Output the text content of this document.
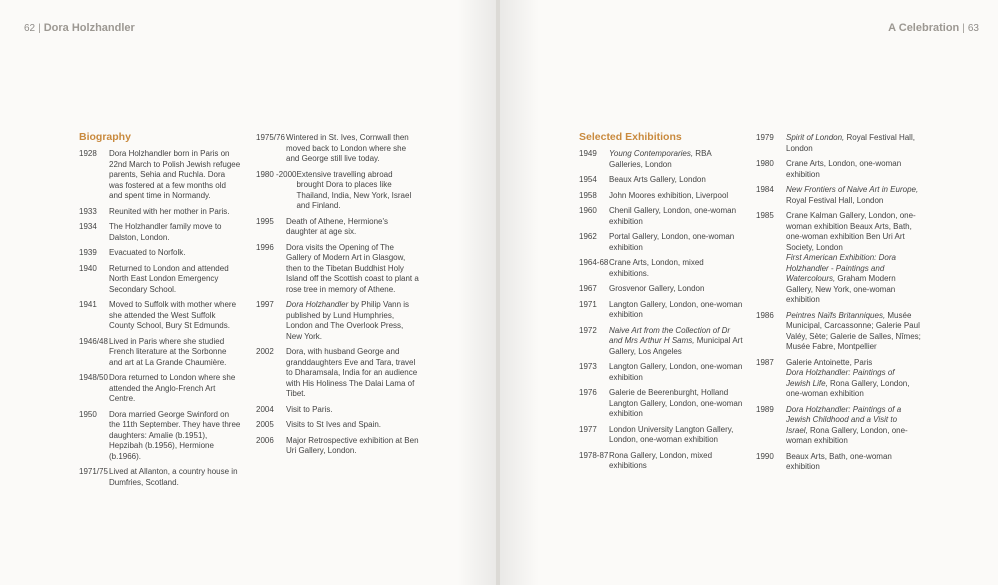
62 | Dora Holzhandler	A Celebration | 63
Biography	Selected Exhibitions
1928	Dora Holzhandler born in Paris on 22nd March to Polish Jewish refugee parents, Sehia and Ruchla. Dora was fostered at a few months old and spent time in Normandy.
1933	Reunited with her mother in Paris.
1934	The Holzhandler family move to Dalston, London.
1939	Evacuated to Norfolk.
1940	Returned to London and attended North East London Emergency Secondary School.
1941	Moved to Suffolk with mother where she attended the West Suffolk County School, Bury St Edmunds.
1946/48 Lived in Paris where she studied French literature at the Sorbonne and art at La Grande Chaumière.
1948/50 Dora returned to London where she attended the Anglo-French Art Centre.
1950	Dora married George Swinford on the 11th September. They have three daughters: Amalie (b.1951), Hepzibah (b.1956), Hermione (b.1966).
1971/75 Lived at Allanton, a country house in Dumfries, Scotland.
1975/76 Wintered in St. Ives, Cornwall then moved back to London where she and George still live today.
1980 -2000 Extensive travelling abroad brought Dora to places like Thailand, India, New York, Israel and Finland.
1995	Death of Athene, Hermione's daughter at age six.
1996	Dora visits the Opening of The Gallery of Modern Art in Glasgow, then to the Tibetan Buddhist Holy Island off the Scottish coast to plant a rose tree in memory of Athene.
1997	Dora Holzhandler by Philip Vann is published by Lund Humphries, London and The Overlook Press, New York.
2002	Dora, with husband George and granddaughters Eve and Tara, travel to Dharamsala, India for an audience with His Holiness The Dalai Lama of Tibet.
2004	Visit to Paris.
2005	Visits to St Ives and Spain.
2006	Major Retrospective exhibition at Ben Uri Gallery, London.
1949	Young Contemporaries, RBA Galleries, London
1954	Beaux Arts Gallery, London
1958	John Moores exhibition, Liverpool
1960	Chenil Gallery, London, one-woman exhibition
1962	Portal Gallery, London, one-woman exhibition
1964-68 Crane Arts, London, mixed exhibitions.
1967	Grosvenor Gallery, London
1971	Langton Gallery, London, one-woman exhibition
1972	Naive Art from the Collection of Dr and Mrs Arthur H Sams, Municipal Art Gallery, Los Angeles
1973	Langton Gallery, London, one-woman exhibition
1976	Galerie de Beerenburght, Holland Langton Gallery, London, one-woman exhibition
1977	London University Langton Gallery, London, one-woman exhibition
1978-87 Rona Gallery, London, mixed exhibitions
1979	Spirit of London, Royal Festival Hall, London
1980	Crane Arts, London, one-woman exhibition
1984	New Frontiers of Naive Art in Europe, Royal Festival Hall, London
1985	Crane Kalman Gallery, London, one-woman exhibition Beaux Arts, Bath, one-woman exhibition Ben Uri Art Society, London
First American Exhibition: Dora Holzhandler - Paintings and Watercolours, Graham Modern Gallery, New York, one-woman exhibition
1986	Peintres Naïfs Britanniques, Musée Municipal, Carcassonne; Galerie Paul Valéy, Sète; Galerie de Salles, Nîmes; Musée Fabre, Montpellier
1987	Galerie Antoinette, Paris
Dora Holzhandler: Paintings of Jewish Life, Rona Gallery, London, one-woman exhibition
1989	Dora Holzhandler: Paintings of a Jewish Childhood and a Visit to Israel, Rona Gallery, London, one-woman exhibition
1990	Beaux Arts, Bath, one-woman exhibition
